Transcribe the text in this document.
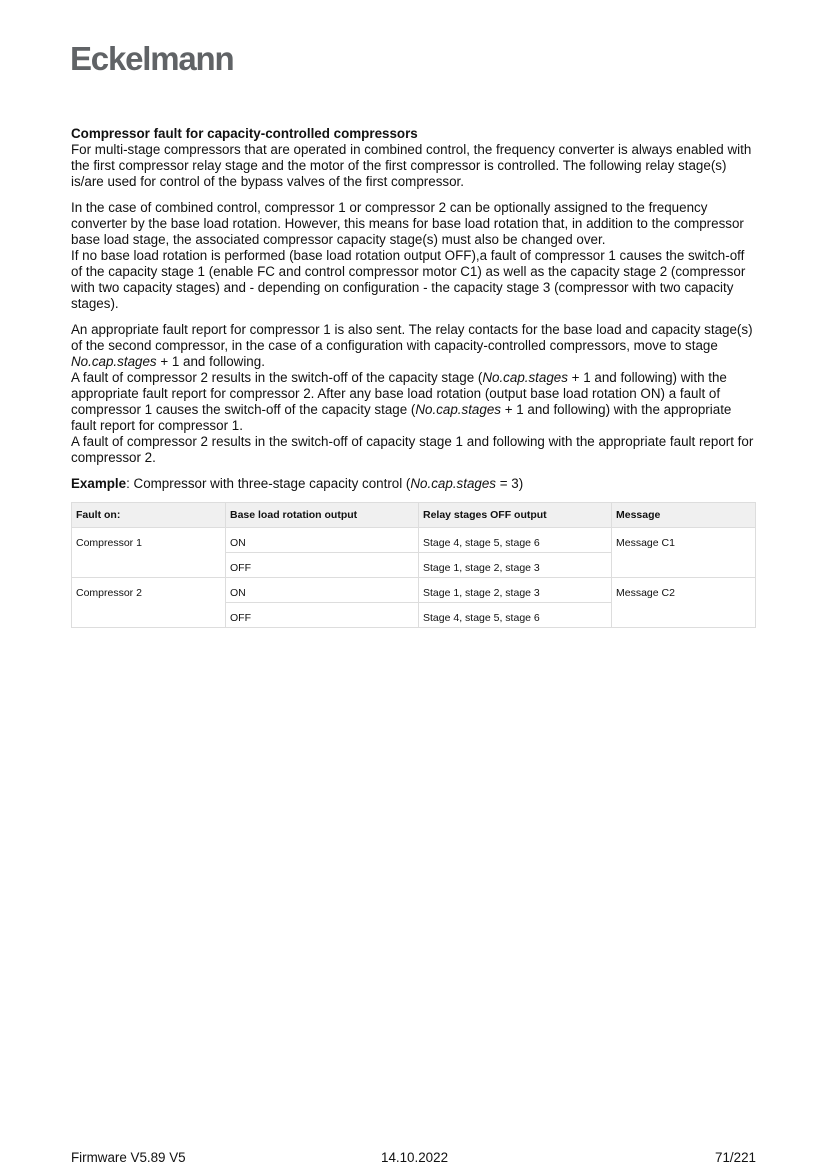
Eckelmann
Compressor fault for capacity-controlled compressors

For multi-stage compressors that are operated in combined control, the frequency converter is always enabled with the first compressor relay stage and the motor of the first compressor is controlled. The following relay stage(s) is/are used for control of the bypass valves of the first compressor.

In the case of combined control, compressor 1 or compressor 2 can be optionally assigned to the frequency converter by the base load rotation. However, this means for base load rotation that, in addition to the compressor base load stage, the associated compressor capacity stage(s) must also be changed over.
If no base load rotation is performed (base load rotation output OFF),a fault of compressor 1 causes the switch-off of the capacity stage 1 (enable FC and control compressor motor C1) as well as the capacity stage 2 (compressor with two capacity stages) and - depending on configuration - the capacity stage 3 (compressor with two capacity stages).

An appropriate fault report for compressor 1 is also sent. The relay contacts for the base load and capacity stage(s) of the second compressor, in the case of a configuration with capacity-controlled compressors, move to stage No.cap.stages + 1 and following.
A fault of compressor 2 results in the switch-off of the capacity stage (No.cap.stages + 1 and following) with the appropriate fault report for compressor 2. After any base load rotation (output base load rotation ON) a fault of compressor 1 causes the switch-off of the capacity stage (No.cap.stages + 1 and following) with the appropriate fault report for compressor 1.
A fault of compressor 2 results in the switch-off of capacity stage 1 and following with the appropriate fault report for compressor 2.

Example: Compressor with three-stage capacity control (No.cap.stages = 3)

Fault on:	Base load rotation output	Relay stages OFF output	Message
Compressor 1	ON	Stage 4, stage 5, stage 6	Message C1
	OFF	Stage 1, stage 2, stage 3	
Compressor 2	ON	Stage 1, stage 2, stage 3	Message C2
	OFF	Stage 4, stage 5, stage 6	
Firmware V5.89 V5	14.10.2022	71/221
